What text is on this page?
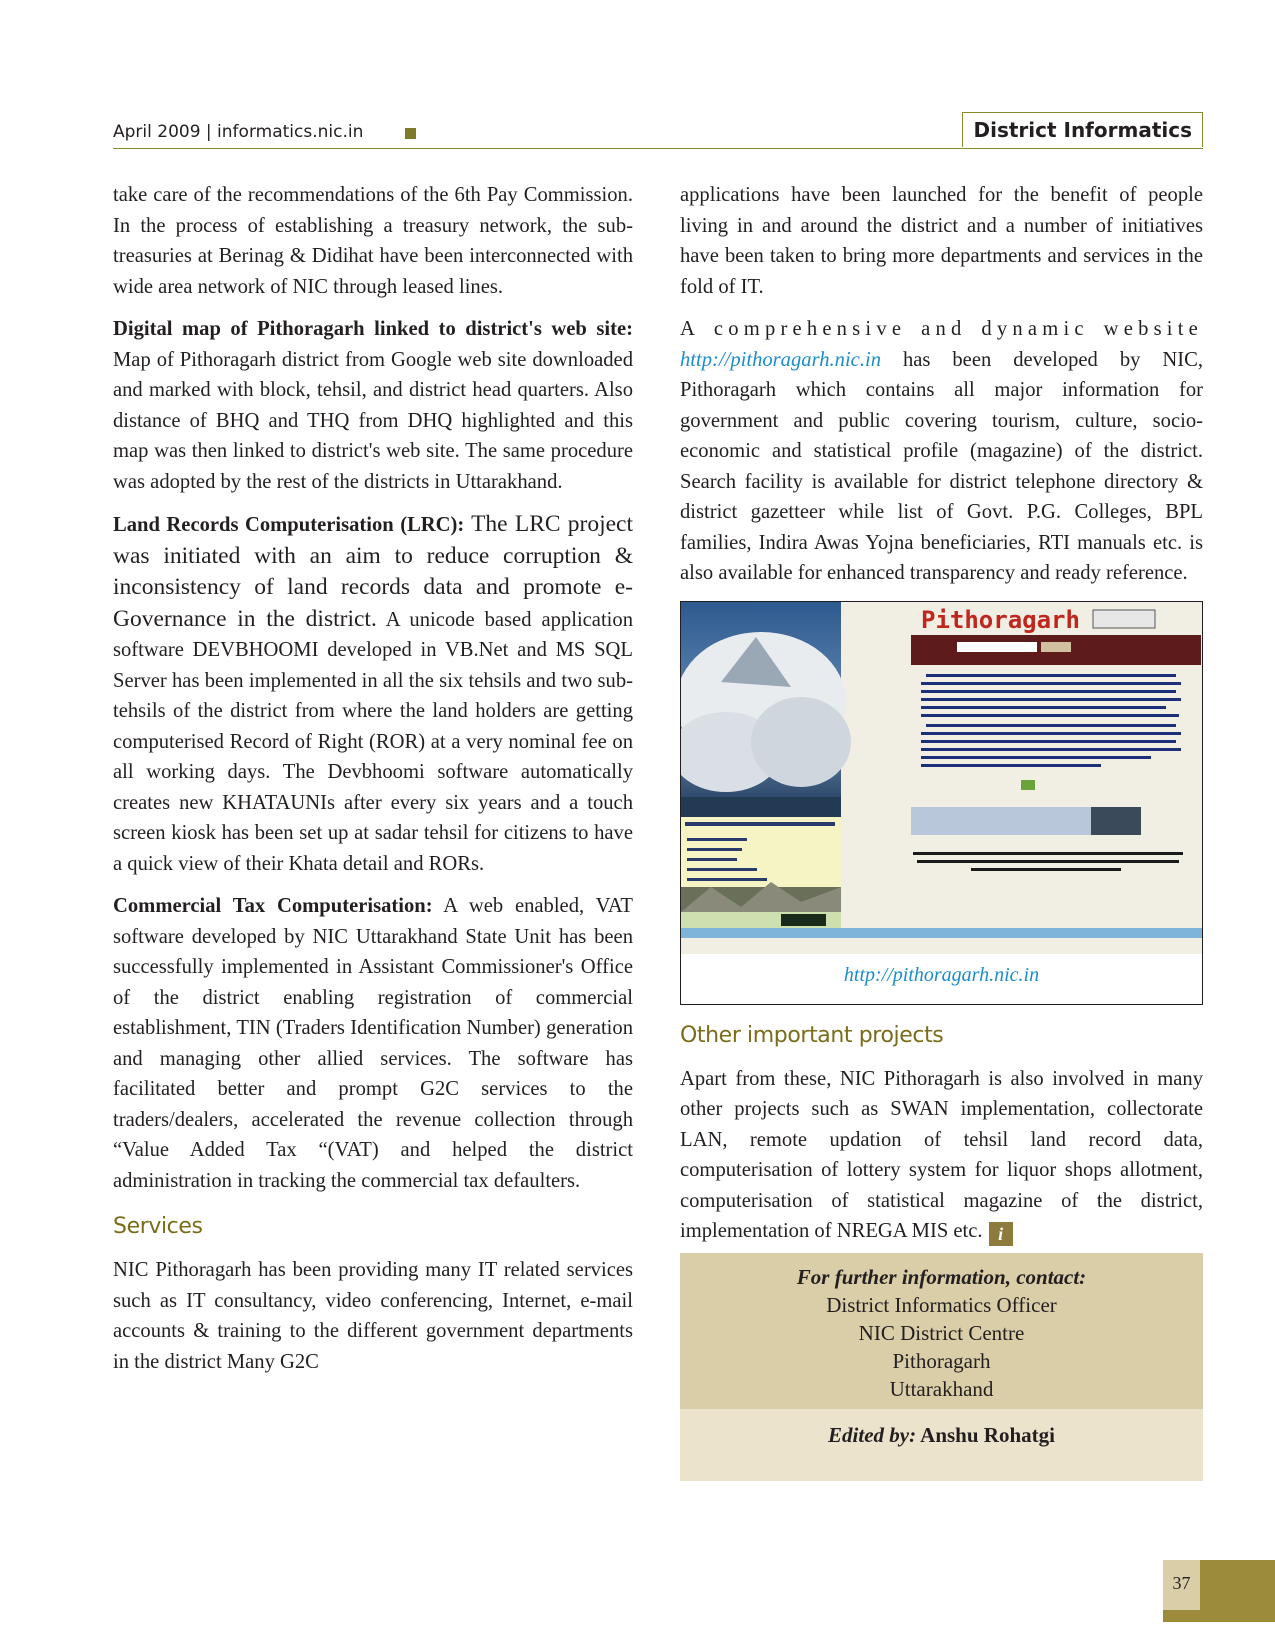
April 2009 | informatics.nic.in	District Informatics

take care of the recommendations of the 6th Pay Commission. In the process of establishing a treasury network, the sub-treasuries at Berinag & Didihat have been interconnected with wide area network of NIC through leased lines.

Digital map of Pithoragarh linked to district's web site: Map of Pithoragarh district from Google web site downloaded and marked with block, tehsil, and district head quarters. Also distance of BHQ and THQ from DHQ highlighted and this map was then linked to district's web site. The same procedure was adopted by the rest of the districts in Uttarakhand.

Land Records Computerisation (LRC): The LRC project was initiated with an aim to reduce corruption & inconsistency of land records data and promote e-Governance in the district. A unicode based application software DEVBHOOMI developed in VB.Net and MS SQL Server has been implemented in all the six tehsils and two sub-tehsils of the district from where the land holders are getting computerised Record of Right (ROR) at a very nominal fee on all working days. The Devbhoomi software automatically creates new KHATAUNIs after every six years and a touch screen kiosk has been set up at sadar tehsil for citizens to have a quick view of their Khata detail and RORs.

Commercial Tax Computerisation: A web enabled, VAT software developed by NIC Uttarakhand State Unit has been successfully implemented in Assistant Commissioner's Office of the district enabling registration of commercial establishment, TIN (Traders Identification Number) generation and managing other allied services. The software has facilitated better and prompt G2C services to the traders/dealers, accelerated the revenue collection through “Value Added Tax “(VAT) and helped the district administration in tracking the commercial tax defaulters.

Services

NIC Pithoragarh has been providing many IT related services such as IT consultancy, video conferencing, Internet, e-mail accounts & training to the different government departments in the district Many G2C

applications have been launched for the benefit of people living in and around the district and a number of initiatives have been taken to bring more departments and services in the fold of IT.

A comprehensive and dynamic website http://pithoragarh.nic.in has been developed by NIC, Pithoragarh which contains all major information for government and public covering tourism, culture, socio-economic and statistical profile (magazine) of the district. Search facility is available for district telephone directory & district gazetteer while list of Govt. P.G. Colleges, BPL families, Indira Awas Yojna beneficiaries, RTI manuals etc. is also available for enhanced transparency and ready reference.

Pithoragarh
http://pithoragarh.nic.in
Other important projects

Apart from these, NIC Pithoragarh is also involved in many other projects such as SWAN implementation, collectorate LAN, remote updation of tehsil land record data, computerisation of lottery system for liquor shops allotment, computerisation of statistical magazine of the district, implementation of NREGA MIS etc. i

For further information, contact:
District Informatics Officer
NIC District Centre
Pithoragarh
Uttarakhand
Edited by: Anshu Rohatgi
37
